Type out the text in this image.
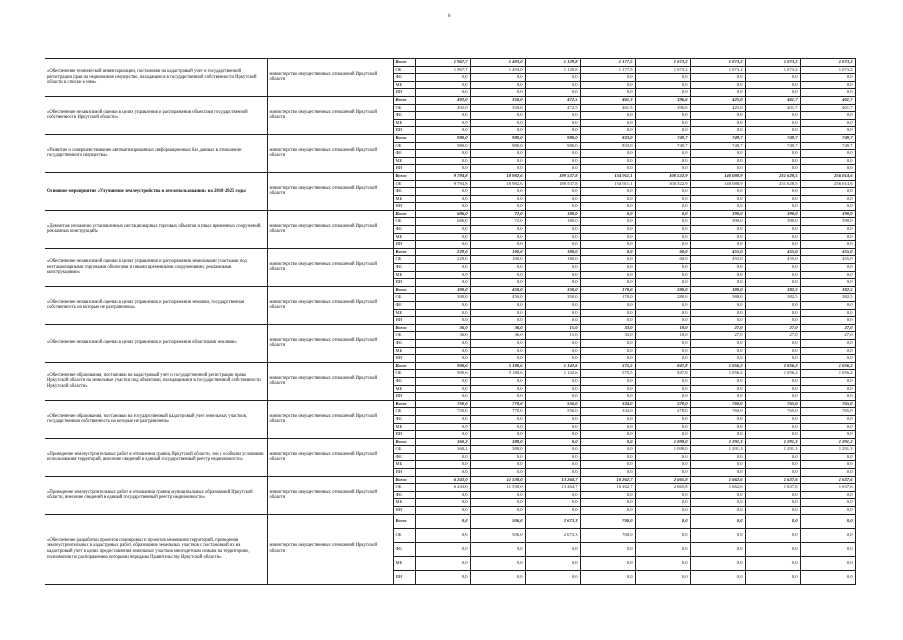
6
«Обеспечение технической инвентаризации, постановки на кадастровый учет и государственной регистрации прав на недвижимое имущество, находящееся в государственной собственности Иркутской области и списки к ним»	министерство имущественных отношений Иркутской области	Всего	1 967,7	1 493,0	1 129,8	1 177,5	1 073,2	1 073,2	1 073,2	1 073,2
		ОБ	1 967,7	1 493,0	1 129,8	1 177,5	1 073,2	1 073,2	1 073,2	1 073,2
		ФБ	0,0	0,0	0,0	0,0	0,0	0,0	0,0	0,0
		МБ	0,0	0,0	0,0	0,0	0,0	0,0	0,0	0,0
		ИИ	0,0	0,0	0,0	0,0	0,0	0,0	0,0	0,0
«Обеспечение независимой оценки в целях управления и распоряжения объектами государственной собственности Иркутской области»	министерство имущественных отношений Иркутской области	Всего	492,0	350,0	472,5	461,3	396,6	425,0	401,7	401,7
		ОБ	492,0	350,0	472,5	461,3	396,6	425,0	401,7	401,7
		ФБ	0,0	0,0	0,0	0,0	0,0	0,0	0,0	0,0
		МБ	0,0	0,0	0,0	0,0	0,0	0,0	0,0	0,0
		ИИ	0,0	0,0	0,0	0,0	0,0	0,0	0,0	0,0
«Развитие и совершенствование автоматизированных информационных баз данных в отношении государственного имущества»	министерство имущественных отношений Иркутской области	Всего	980,0	980,0	980,0	833,0	749,7	749,7	749,7	749,7
		ОБ	980,0	980,0	980,0	833,0	749,7	749,7	749,7	749,7
		ФБ	0,0	0,0	0,0	0,0	0,0	0,0	0,0	0,0
		МБ	0,0	0,0	0,0	0,0	0,0	0,0	0,0	0,0
		ИИ	0,0	0,0	0,0	0,0	0,0	0,0	0,0	0,0
Основное мероприятие «Улучшение землеустройства и землепользования» на 2018-2025 годы	министерство имущественных отношений Иркутской области	Всего	9 794,8	18 982,6	189 537,8	154 911,1	100 522,9	140 088,9	251 628,5	256 014,6
		ОБ	9 794,8	18 982,6	189 537,8	154 911,1	100 522,9	140 088,9	251 628,5	256 014,6
		ФБ	0,0	0,0	0,0	0,0	0,0	0,0	0,0	0,0
		МБ	0,0	0,0	0,0	0,0	0,0	0,0	0,0	0,0
		ИИ	0,0	0,0	0,0	0,0	0,0	0,0	0,0	0,0
«Демонтаж незаконно установленных нестационарных торговых объектов и иных временных сооружений, рекламных конструкций»	министерство имущественных отношений Иркутской области	Всего	686,0	72,0	180,0	0,0	0,0	390,0	390,0	390,0
		ОБ	686,0	72,0	180,0	0,0	0,0	390,0	390,0	390,0
		ФБ	0,0	0,0	0,0	0,0	0,0	0,0	0,0	0,0
		МБ	0,0	0,0	0,0	0,0	0,0	0,0	0,0	0,0
		ИИ	0,0	0,0	0,0	0,0	0,0	0,0	0,0	0,0
«Обеспечение независимой оценки в целях управления и распоряжения земельными участками под нестационарными торговыми объектами и иными временными сооружениями, рекламными конструкциями»	министерство имущественных отношений Иркутской области	Всего	229,0	100,0	180,0	0,0	60,0	455,0	455,0	455,0
		ОБ	229,0	100,0	180,0	0,0	60,0	455,0	455,0	455,0
		ФБ	0,0	0,0	0,0	0,0	0,0	0,0	0,0	0,0
		МБ	0,0	0,0	0,0	0,0	0,0	0,0	0,0	0,0
		ИИ	0,0	0,0	0,0	0,0	0,0	0,0	0,0	0,0
«Обеспечение независимой оценки в целях управления и распоряжения землями, государственная собственность на которые не разграничена»	министерство имущественных отношений Иркутской области	Всего	300,0	450,0	350,0	170,0	280,0	380,0	382,5	382,5
		ОБ	300,0	450,0	350,0	170,0	280,0	380,0	382,5	382,5
		ФБ	0,0	0,0	0,0	0,0	0,0	0,0	0,0	0,0
		МБ	0,0	0,0	0,0	0,0	0,0	0,0	0,0	0,0
		ИИ	0,0	0,0	0,0	0,0	0,0	0,0	0,0	0,0
«Обеспечение независимой оценки в целях управления и распоряжения областными землями»	министерство имущественных отношений Иркутской области	Всего	36,0	36,0	15,0	33,0	18,0	27,0	27,0	27,0
		ОБ	36,0	36,0	15,0	33,0	18,0	27,0	27,0	27,0
		ФБ	0,0	0,0	0,0	0,0	0,0	0,0	0,0	0,0
		МБ	0,0	0,0	0,0	0,0	0,0	0,0	0,0	0,0
		ИИ	0,0	0,0	0,0	0,0	0,0	0,0	0,0	0,0
«Обеспечение образования, постановки на кадастровый учет и государственной регистрации права Иркутской области на земельные участки под объектами, находящимися в государственной собственности Иркутской области»	министерство имущественных отношений Иркутской области	Всего	900,6	5 180,6	1 142,6	575,5	847,8	1 056,2	1 056,2	1 056,2
		ОБ	900,6	5 180,6	1 142,6	575,5	847,8	1 056,2	1 056,2	1 056,2
		ФБ	0,0	0,0	0,0	0,0	0,0	0,0	0,0	0,0
		МБ	0,0	0,0	0,0	0,0	0,0	0,0	0,0	0,0
		ИИ	0,0	0,0	0,0	0,0	0,0	0,0	0,0	0,0
«Обеспечение образования, постановки на государственный кадастровый учет земельных участков, государственная собственность на которые не разграничена»	министерство имущественных отношений Иркутской области	Всего	750,0	770,0	556,0	334,0	278,0	760,0	765,0	765,0
		ОБ	750,0	770,0	556,0	334,0	278,0	760,0	765,0	765,0
		ФБ	0,0	0,0	0,0	0,0	0,0	0,0	0,0	0,0
		МБ	0,0	0,0	0,0	0,0	0,0	0,0	0,0	0,0
		ИИ	0,0	0,0	0,0	0,0	0,0	0,0	0,0	0,0
«Проведение землеустроительных работ в отношении границ Иркутской области, зон с особыми условиями использования территорий, внесение сведений в единый государственный реестр недвижимости»	министерство имущественных отношений Иркутской области	Всего	360,2	388,0	0,0	0,0	1 098,0	1 291,3	1 291,3	1 291,3
		ОБ	360,2	388,0	0,0	0,0	1 098,0	1 291,3	1 291,3	1 291,3
		ФБ	0,0	0,0	0,0	0,0	0,0	0,0	0,0	0,0
		МБ	0,0	0,0	0,0	0,0	0,0	0,0	0,0	0,0
		ИИ	0,0	0,0	0,0	0,0	0,0	0,0	0,0	0,0
«Проведение землеустроительных работ в отношении границ муниципальных образований Иркутской области, внесение сведений в единый государственный реестр недвижимости»	министерство имущественных отношений Иркутской области	Всего	6 243,0	11 530,0	13 264,7	10 262,7	2 665,8	1 662,6	1 637,6	1 637,6
		ОБ	6 243,0	11 530,0	13 264,7	10 262,7	2 665,8	1 662,6	1 637,6	1 637,6
		ФБ	0,0	0,0	0,0	0,0	0,0	0,0	0,0	0,0
		МБ	0,0	0,0	0,0	0,0	0,0	0,0	0,0	0,0
		ИИ	0,0	0,0	0,0	0,0	0,0	0,0	0,0	0,0
«Обеспечение разработки проектов планировки и проектов межевания территорий, проведения землеустроительных и кадастровых работ, образование земельных участков с постановкой их на кадастровый учет в целях предоставления земельных участков многодетным семьям на территориях, полномочия по распоряжению которыми переданы Правительству Иркутской области»	министерство имущественных отношений Иркутской области	Всего	0,0	506,0	2 673,3	700,0	0,0	0,0	0,0	0,0
		ОБ	0,0	506,0	2 673,3	700,0	0,0	0,0	0,0	0,0
		ФБ	0,0	0,0	0,0	0,0	0,0	0,0	0,0	0,0
		МБ	0,0	0,0	0,0	0,0	0,0	0,0	0,0	0,0
		ИИ	0,0	0,0	0,0	0,0	0,0	0,0	0,0	0,0
